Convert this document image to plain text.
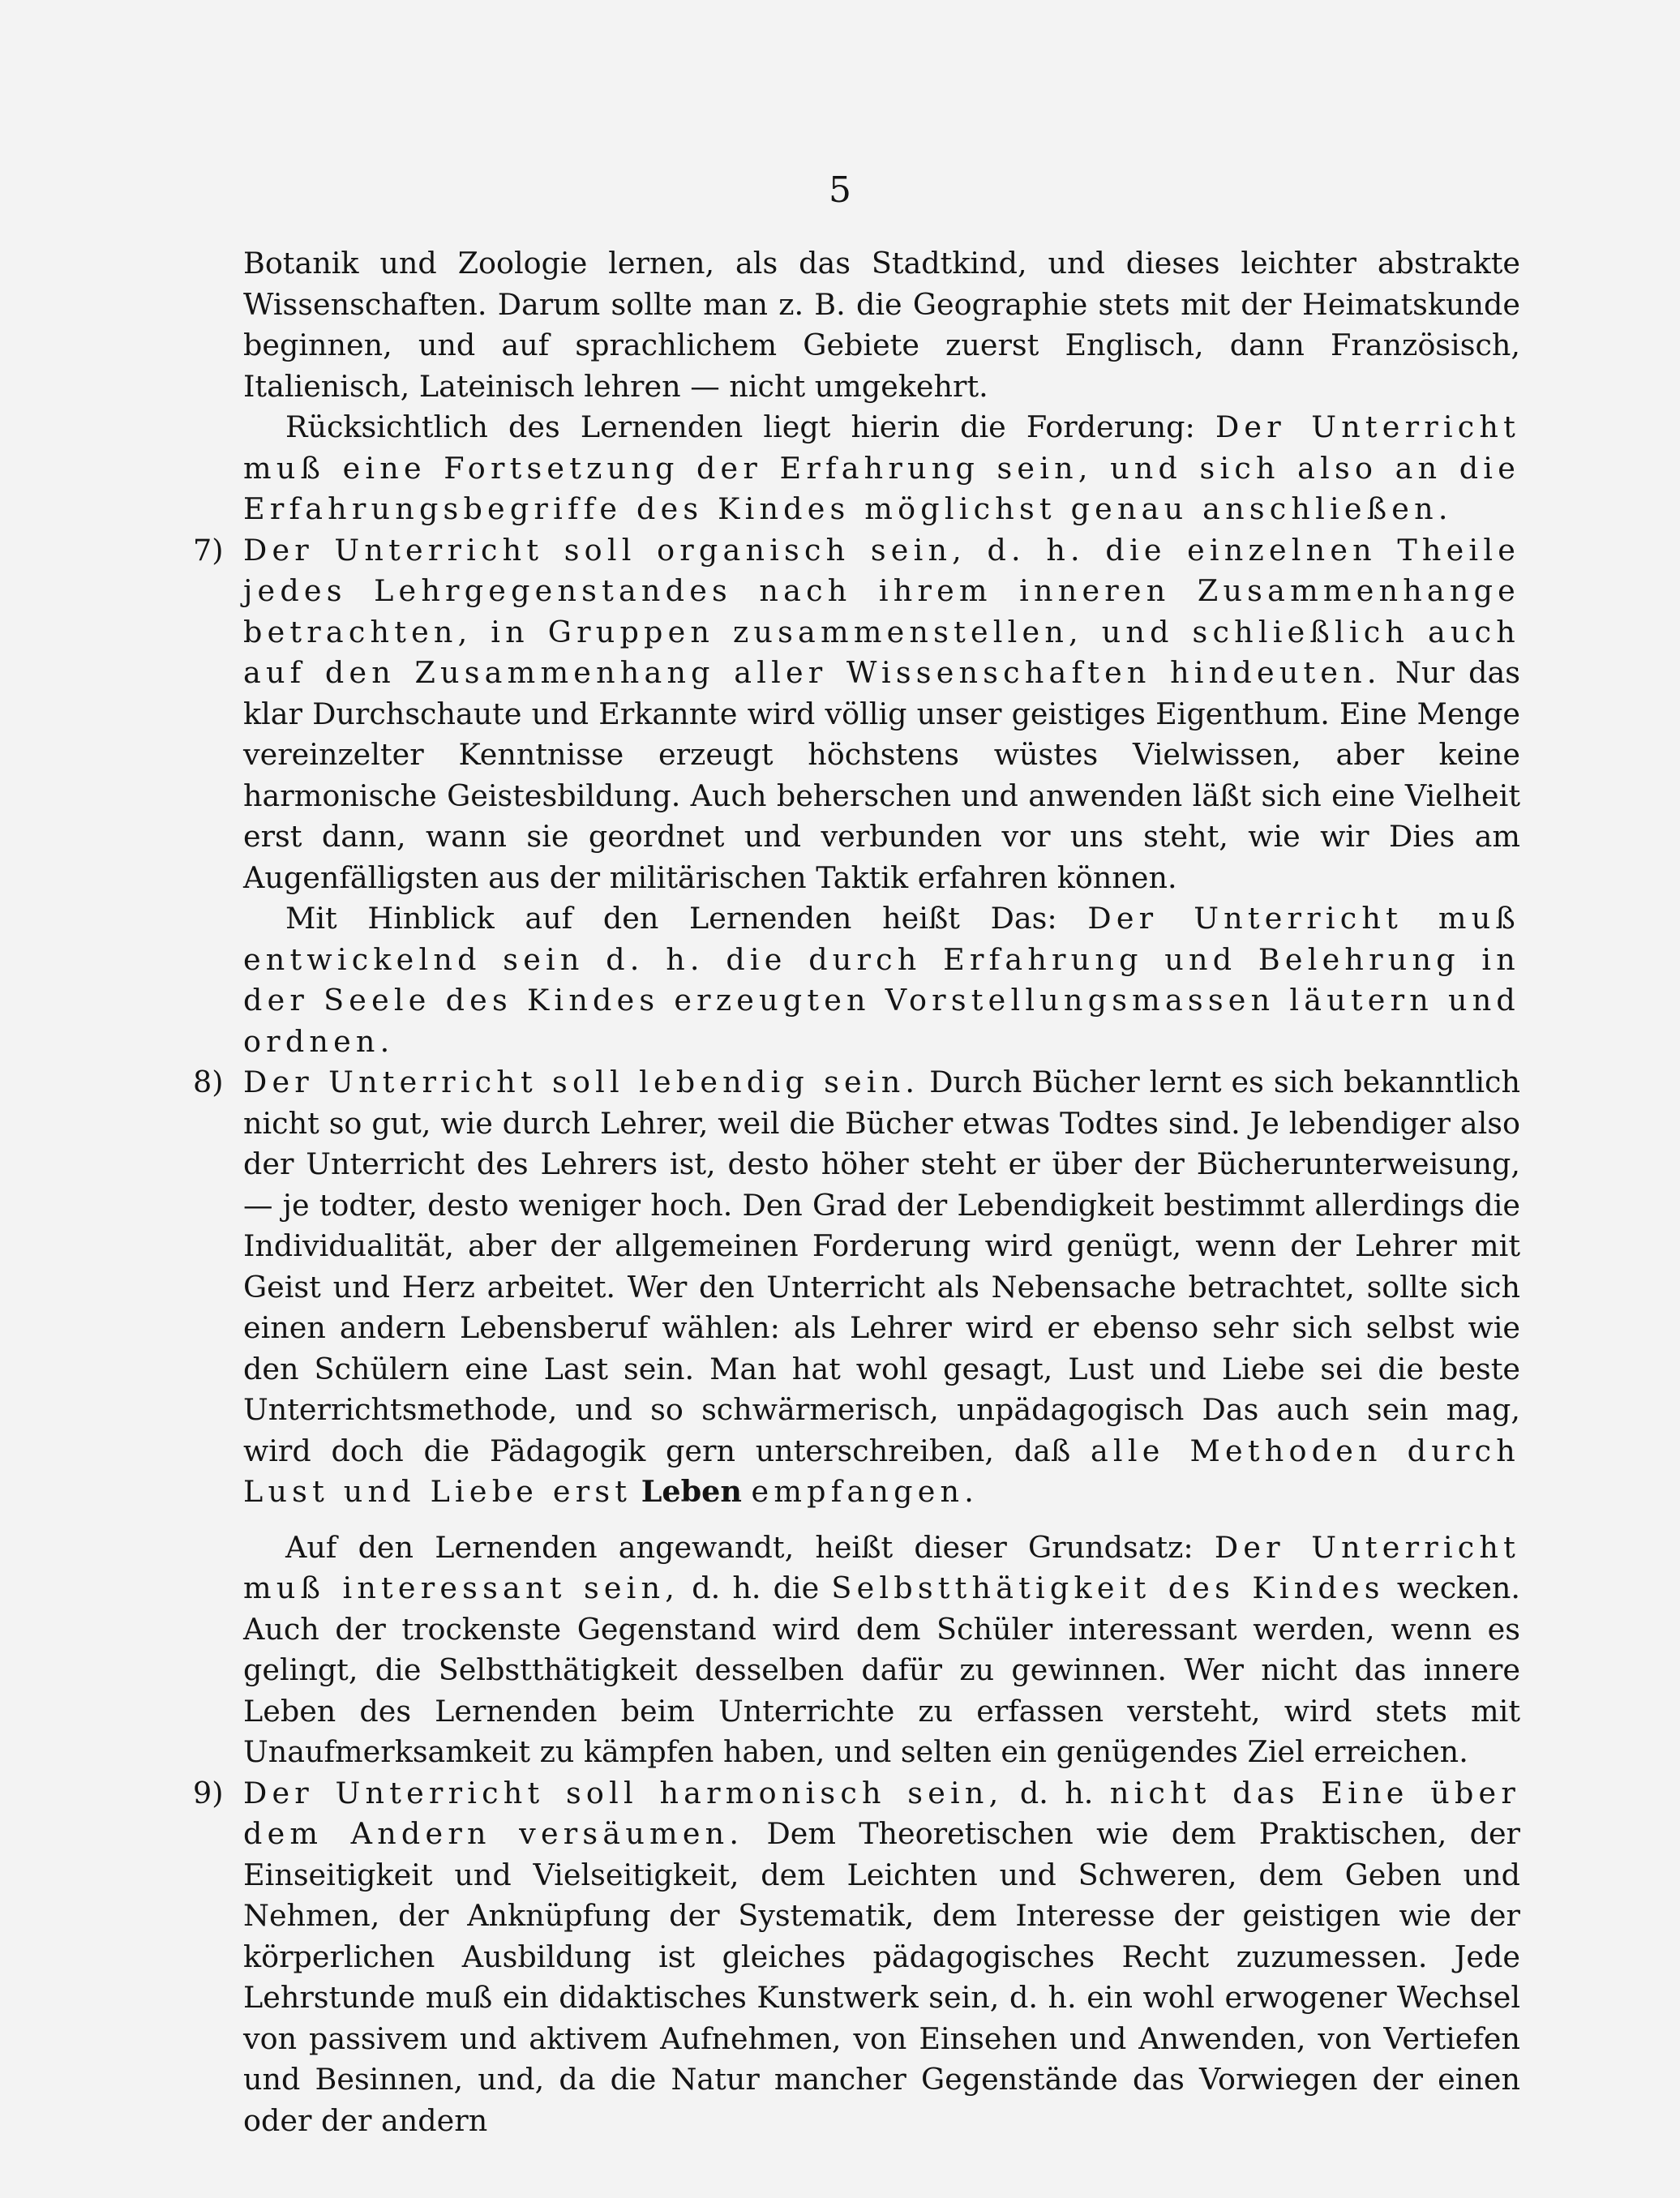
5

Botanik und Zoologie lernen, als das Stadtkind, und dieses leichter abstrakte Wissenschaften. Darum sollte man z. B. die Geographie stets mit der Heimatskunde beginnen, und auf sprachlichem Gebiete zuerst Englisch, dann Französisch, Italienisch, Lateinisch lehren — nicht umgekehrt.

Rücksichtlich des Lernenden liegt hierin die Forderung: Der Unterricht muß eine Fortsetzung der Erfahrung sein, und sich also an die Erfahrungsbegriffe des Kindes möglichst genau anschließen.

7) Der Unterricht soll organisch sein, d. h. die einzelnen Theile jedes Lehrgegenstandes nach ihrem inneren Zusammenhange betrachten, in Gruppen zusammenstellen, und schließlich auch auf den Zusammenhang aller Wissenschaften hindeuten. Nur das klar Durchschaute und Erkannte wird völlig unser geistiges Eigenthum. Eine Menge vereinzelter Kenntnisse erzeugt höchstens wüstes Vielwissen, aber keine harmonische Geistesbildung. Auch beherschen und anwenden läßt sich eine Vielheit erst dann, wann sie geordnet und verbunden vor uns steht, wie wir Dies am Augenfälligsten aus der militärischen Taktik erfahren können.

Mit Hinblick auf den Lernenden heißt Das: Der Unterricht muß entwickelnd sein d. h. die durch Erfahrung und Belehrung in der Seele des Kindes erzeugten Vorstellungsmassen läutern und ordnen.

8) Der Unterricht soll lebendig sein. Durch Bücher lernt es sich bekanntlich nicht so gut, wie durch Lehrer, weil die Bücher etwas Todtes sind. Je lebendiger also der Unterricht des Lehrers ist, desto höher steht er über der Bücherunterweisung, — je todter, desto weniger hoch. Den Grad der Lebendigkeit bestimmt allerdings die Individualität, aber der allgemeinen Forderung wird genügt, wenn der Lehrer mit Geist und Herz arbeitet. Wer den Unterricht als Nebensache betrachtet, sollte sich einen andern Lebensberuf wählen: als Lehrer wird er ebenso sehr sich selbst wie den Schülern eine Last sein. Man hat wohl gesagt, Lust und Liebe sei die beste Unterrichtsmethode, und so schwärmerisch, unpädagogisch Das auch sein mag, wird doch die Pädagogik gern unterschreiben, daß alle Methoden durch Lust und Liebe erst Leben empfangen.

Auf den Lernenden angewandt, heißt dieser Grundsatz: Der Unterricht muß interessant sein, d. h. die Selbstthätigkeit des Kindes wecken. Auch der trockenste Gegenstand wird dem Schüler interessant werden, wenn es gelingt, die Selbstthätigkeit desselben dafür zu gewinnen. Wer nicht das innere Leben des Lernenden beim Unterrichte zu erfassen versteht, wird stets mit Unaufmerksamkeit zu kämpfen haben, und selten ein genügendes Ziel erreichen.

9) Der Unterricht soll harmonisch sein, d. h. nicht das Eine über dem Andern versäumen. Dem Theoretischen wie dem Praktischen, der Einseitigkeit und Vielseitigkeit, dem Leichten und Schweren, dem Geben und Nehmen, der Anknüpfung der Systematik, dem Interesse der geistigen wie der körperlichen Ausbildung ist gleiches pädagogisches Recht zuzumessen. Jede Lehrstunde muß ein didaktisches Kunstwerk sein, d. h. ein wohl erwogener Wechsel von passivem und aktivem Aufnehmen, von Einsehen und Anwenden, von Vertiefen und Besinnen, und, da die Natur mancher Gegenstände das Vorwiegen der einen oder der andern
